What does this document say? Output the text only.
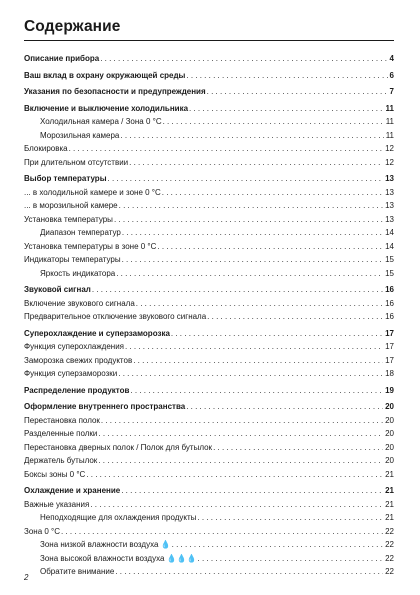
Содержание
Описание прибора . . .	4
Ваш вклад в охрану окружающей среды . . .	6
Указания по безопасности и предупреждения . . .	7
Включение и выключение холодильника . . .	11
Холодильная камера / Зона 0 °C . . .	11
Морозильная камера . . .	11
Блокировка . . .	12
При длительном отсутствии . . .	12
Выбор температуры . . .	13
... в холодильной камере и зоне 0 °C . . .	13
... в морозильной камере . . .	13
Установка температуры . . .	13
Диапазон температур . . .	14
Установка температуры в зоне 0 °C . . .	14
Индикаторы температуры . . .	15
Яркость индикатора . . .	15
Звуковой сигнал . . .	16
Включение звукового сигнала . . .	16
Предварительное отключение звукового сигнала . . .	16
Суперохлаждение и суперзаморозка . . .	17
Функция суперохлаждения . . .	17
Заморозка свежих продуктов . . .	17
Функция суперзаморозки . . .	18
Распределение продуктов . . .	19
Оформление внутреннего пространства . . .	20
Перестановка полок . . .	20
Разделенные полки . . .	20
Перестановка дверных полок / Полок для бутылок . . .	20
Держатель бутылок . . .	20
Боксы зоны 0 °C . . .	21
Охлаждение и хранение . . .	21
Важные указания . . .	21
Неподходящие для охлаждения продукты . . .	21
Зона 0 °C . . .	22
Зона низкой влажности воздуха 💧 . . .	22
Зона высокой влажности воздуха 💧💧💧 . . .	22
Обратите внимание . . .	22
2
